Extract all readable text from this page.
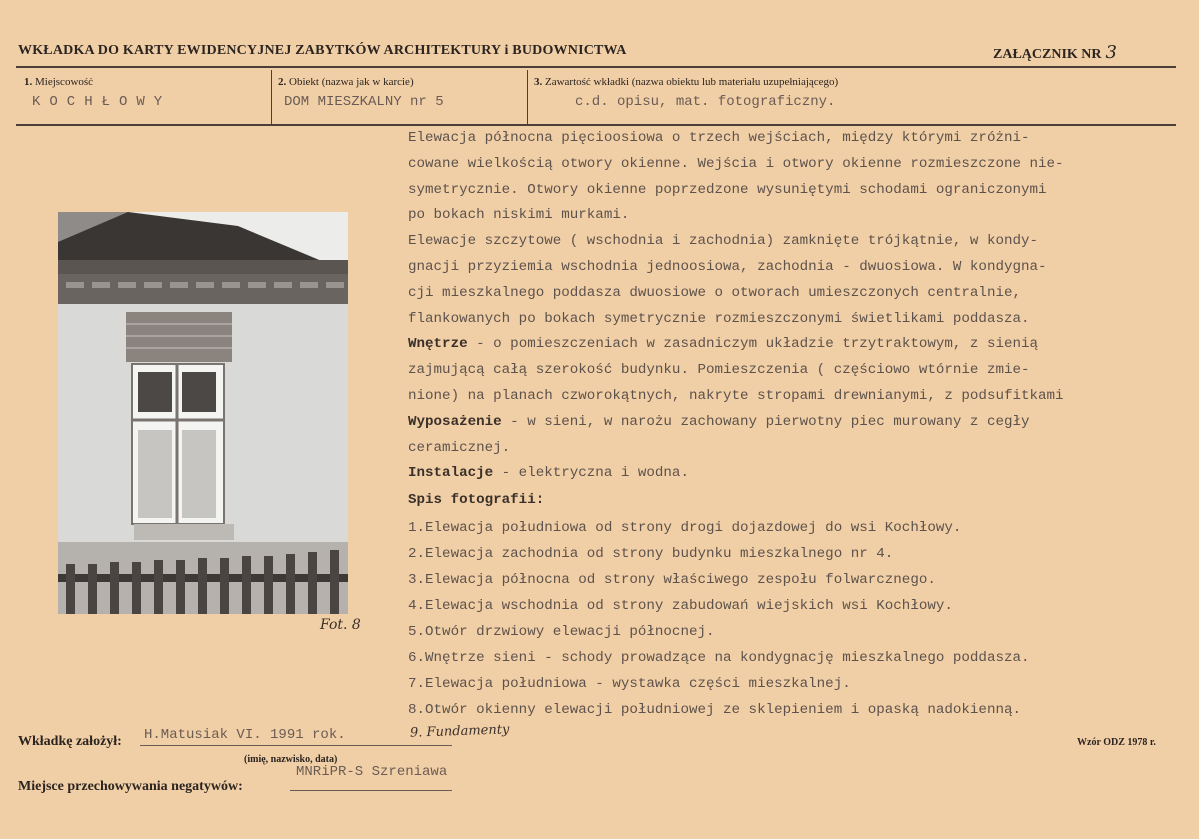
WKŁADKA DO KARTY EWIDENCYJNEJ ZABYTKÓW ARCHITEKTURY i BUDOWNICTWA	ZAŁĄCZNIK NR 3
1. Miejscowość
KOCHŁOWY
2. Obiekt (nazwa jak w karcie)
DOM MIESZKALNY nr 5
3. Zawartość wkładki (nazwa obiektu lub materiału uzupełniającego)
c.d. opisu, mat. fotograficzny.
Fot. 8
Elewacja północna pięcioosiowa o trzech wejściach, między którymi zróżni-
cowane wielkością otwory okienne. Wejścia i otwory okienne rozmieszczone nie-
symetrycznie. Otwory okienne poprzedzone wysuniętymi schodami ograniczonymi
po bokach niskimi murkami.
Elewacje szczytowe ( wschodnia i zachodnia) zamknięte trójkątnie, w kondy-
gnacji przyziemia wschodnia jednoosiowa, zachodnia - dwuosiowa. W kondygna-
cji mieszkalnego poddasza dwuosiowe o otworach umieszczonych centralnie,
flankowanych po bokach symetrycznie rozmieszczonymi świetlikami poddasza.
Wnętrze - o pomieszczeniach w zasadniczym układzie trzytraktowym, z sienią
zajmującą całą szerokość budynku. Pomieszczenia ( częściowo wtórnie zmie-
nione) na planach czworokątnych, nakryte stropami drewnianymi, z podsufitkami
Wyposażenie - w sieni, w narożu zachowany pierwotny piec murowany z cegły
ceramicznej.
Instalacje - elektryczna i wodna.
Spis fotografii:
1.Elewacja południowa od strony drogi dojazdowej do wsi Kochłowy.
2.Elewacja zachodnia od strony budynku mieszkalnego nr 4.
3.Elewacja północna od strony właściwego zespołu folwarcznego.
4.Elewacja wschodnia od strony zabudowań wiejskich wsi Kochłowy.
5.Otwór drzwiowy elewacji północnej.
6.Wnętrze sieni - schody prowadzące na kondygnację mieszkalnego poddasza.
7.Elewacja południowa - wystawka części mieszkalnej.
8.Otwór okienny elewacji południowej ze sklepieniem i opaską nadokienną.
9. Fundamenty
Wkładkę założył: H.Matusiak VI. 1991 rok.
(imię, nazwisko, data)
MNRiPR-S Szreniawa
Miejsce przechowywania negatywów:
Wzór ODZ 1978 r.
